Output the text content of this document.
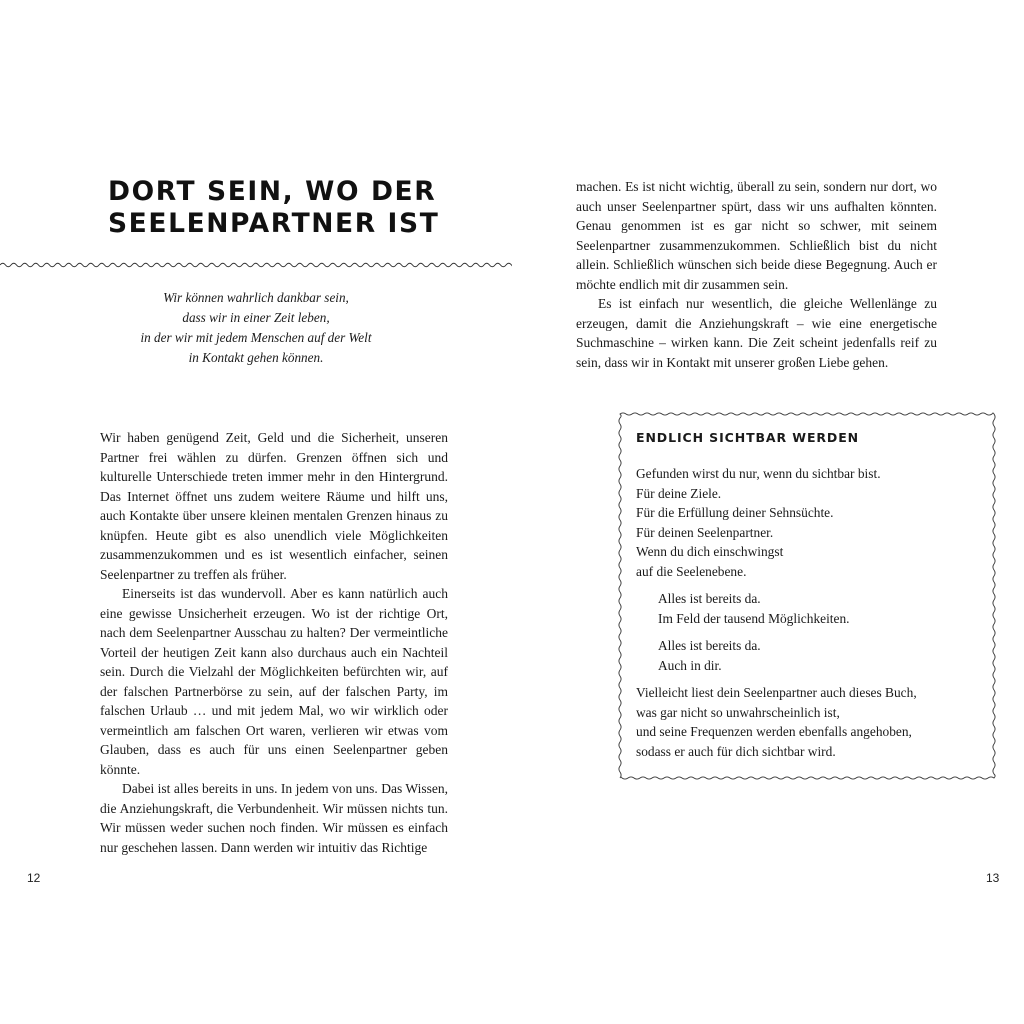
DORT SEIN, WO DER
SEELENPARTNER IST
Wir können wahrlich dankbar sein,
dass wir in einer Zeit leben,
in der wir mit jedem Menschen auf der Welt
in Kontakt gehen können.

Wir haben genügend Zeit, Geld und die Sicherheit, unseren Partner frei wählen zu dürfen. Grenzen öffnen sich und kulturelle Unterschiede treten immer mehr in den Hintergrund. Das Internet öffnet uns zudem weitere Räume und hilft uns, auch Kontakte über unsere kleinen mentalen Grenzen hinaus zu knüpfen. Heute gibt es also unendlich viele Möglichkeiten zusammenzukommen und es ist wesentlich einfacher, seinen Seelenpartner zu treffen als früher.

Einerseits ist das wundervoll. Aber es kann natürlich auch eine gewisse Unsicherheit erzeugen. Wo ist der richtige Ort, nach dem Seelenpartner Ausschau zu halten? Der vermeintliche Vorteil der heutigen Zeit kann also durchaus auch ein Nachteil sein. Durch die Vielzahl der Möglichkeiten befürchten wir, auf der falschen Partnerbörse zu sein, auf der falschen Party, im falschen Urlaub … und mit jedem Mal, wo wir wirklich oder vermeintlich am falschen Ort waren, verlieren wir etwas vom Glauben, dass es auch für uns einen Seelenpartner geben könnte.

Dabei ist alles bereits in uns. In jedem von uns. Das Wissen, die Anziehungskraft, die Verbundenheit. Wir müssen nichts tun. Wir müssen weder suchen noch finden. Wir müssen es einfach nur geschehen lassen. Dann werden wir intuitiv das Richtige

12

machen. Es ist nicht wichtig, überall zu sein, sondern nur dort, wo auch unser Seelenpartner spürt, dass wir uns aufhalten könnten. Genau genommen ist es gar nicht so schwer, mit seinem Seelenpartner zusammenzukommen. Schließlich bist du nicht allein. Schließlich wünschen sich beide diese Begegnung. Auch er möchte endlich mit dir zusammen sein.

Es ist einfach nur wesentlich, die gleiche Wellenlänge zu erzeugen, damit die Anziehungskraft – wie eine energetische Suchmaschine – wirken kann. Die Zeit scheint jedenfalls reif zu sein, dass wir in Kontakt mit unserer großen Liebe gehen.

ENDLICH SICHTBAR WERDEN
Gefunden wirst du nur, wenn du sichtbar bist.
Für deine Ziele.
Für die Erfüllung deiner Sehnsüchte.
Für deinen Seelenpartner.
Wenn du dich einschwingst
auf die Seelenebene.
Alles ist bereits da.
Im Feld der tausend Möglichkeiten.
Alles ist bereits da.
Auch in dir.
Vielleicht liest dein Seelenpartner auch dieses Buch,
was gar nicht so unwahrscheinlich ist,
und seine Frequenzen werden ebenfalls angehoben,
sodass er auch für dich sichtbar wird.
13
